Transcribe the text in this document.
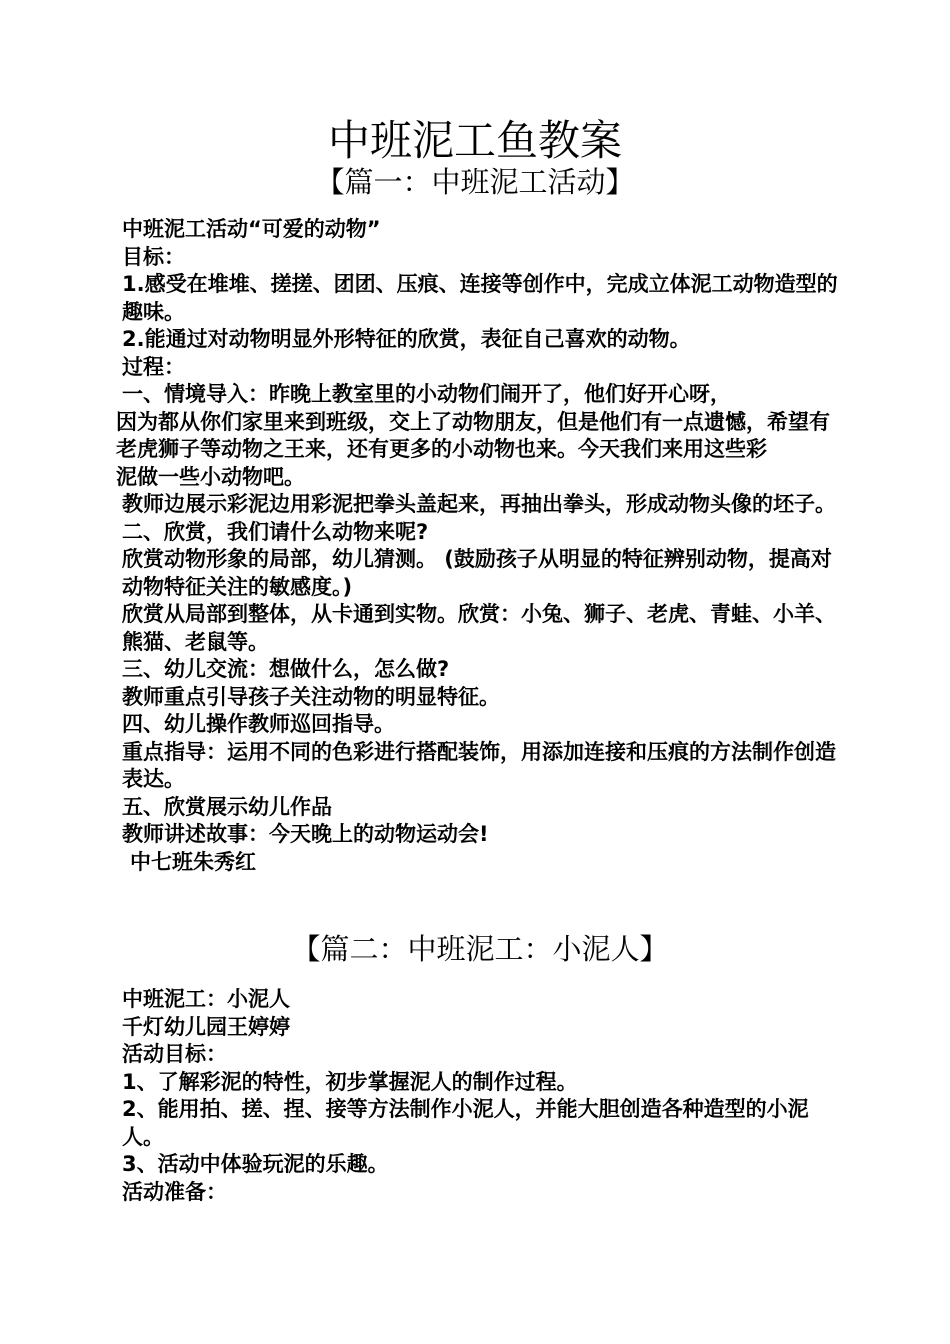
中班泥工鱼教案
【篇一：中班泥工活动】

中班泥工活动“可爱的动物”

目标：

1.感受在堆堆、搓搓、团团、压痕、连接等创作中，完成立体泥工动物造型的趣味。

2.能通过对动物明显外形特征的欣赏，表征自己喜欢的动物。

过程：

一、情境导入：昨晚上教室里的小动物们闹开了，他们好开心呀，

因为都从你们家里来到班级，交上了动物朋友，但是他们有一点遗憾，希望有老虎狮子等动物之王来，还有更多的小动物也来。今天我们来用这些彩

泥做一些小动物吧。

教师边展示彩泥边用彩泥把拳头盖起来，再抽出拳头，形成动物头像的坯子。

二、欣赏，我们请什么动物来呢?

欣赏动物形象的局部，幼儿猜测。 (鼓励孩子从明显的特征辨别动物，提高对动物特征关注的敏感度。)

欣赏从局部到整体，从卡通到实物。欣赏：小兔、狮子、老虎、青蛙、小羊、熊猫、老鼠等。

三、幼儿交流：想做什么，怎么做?

教师重点引导孩子关注动物的明显特征。

四、幼儿操作教师巡回指导。

重点指导：运用不同的色彩进行搭配装饰，用添加连接和压痕的方法制作创造表达。

五、欣赏展示幼儿作品

教师讲述故事：今天晚上的动物运动会!

中七班朱秀红

【篇二：中班泥工：小泥人】

中班泥工：小泥人

千灯幼儿园王婷婷

活动目标：

1、了解彩泥的特性，初步掌握泥人的制作过程。

2、能用拍、搓、捏、接等方法制作小泥人，并能大胆创造各种造型的小泥人。

3、活动中体验玩泥的乐趣。

活动准备：
